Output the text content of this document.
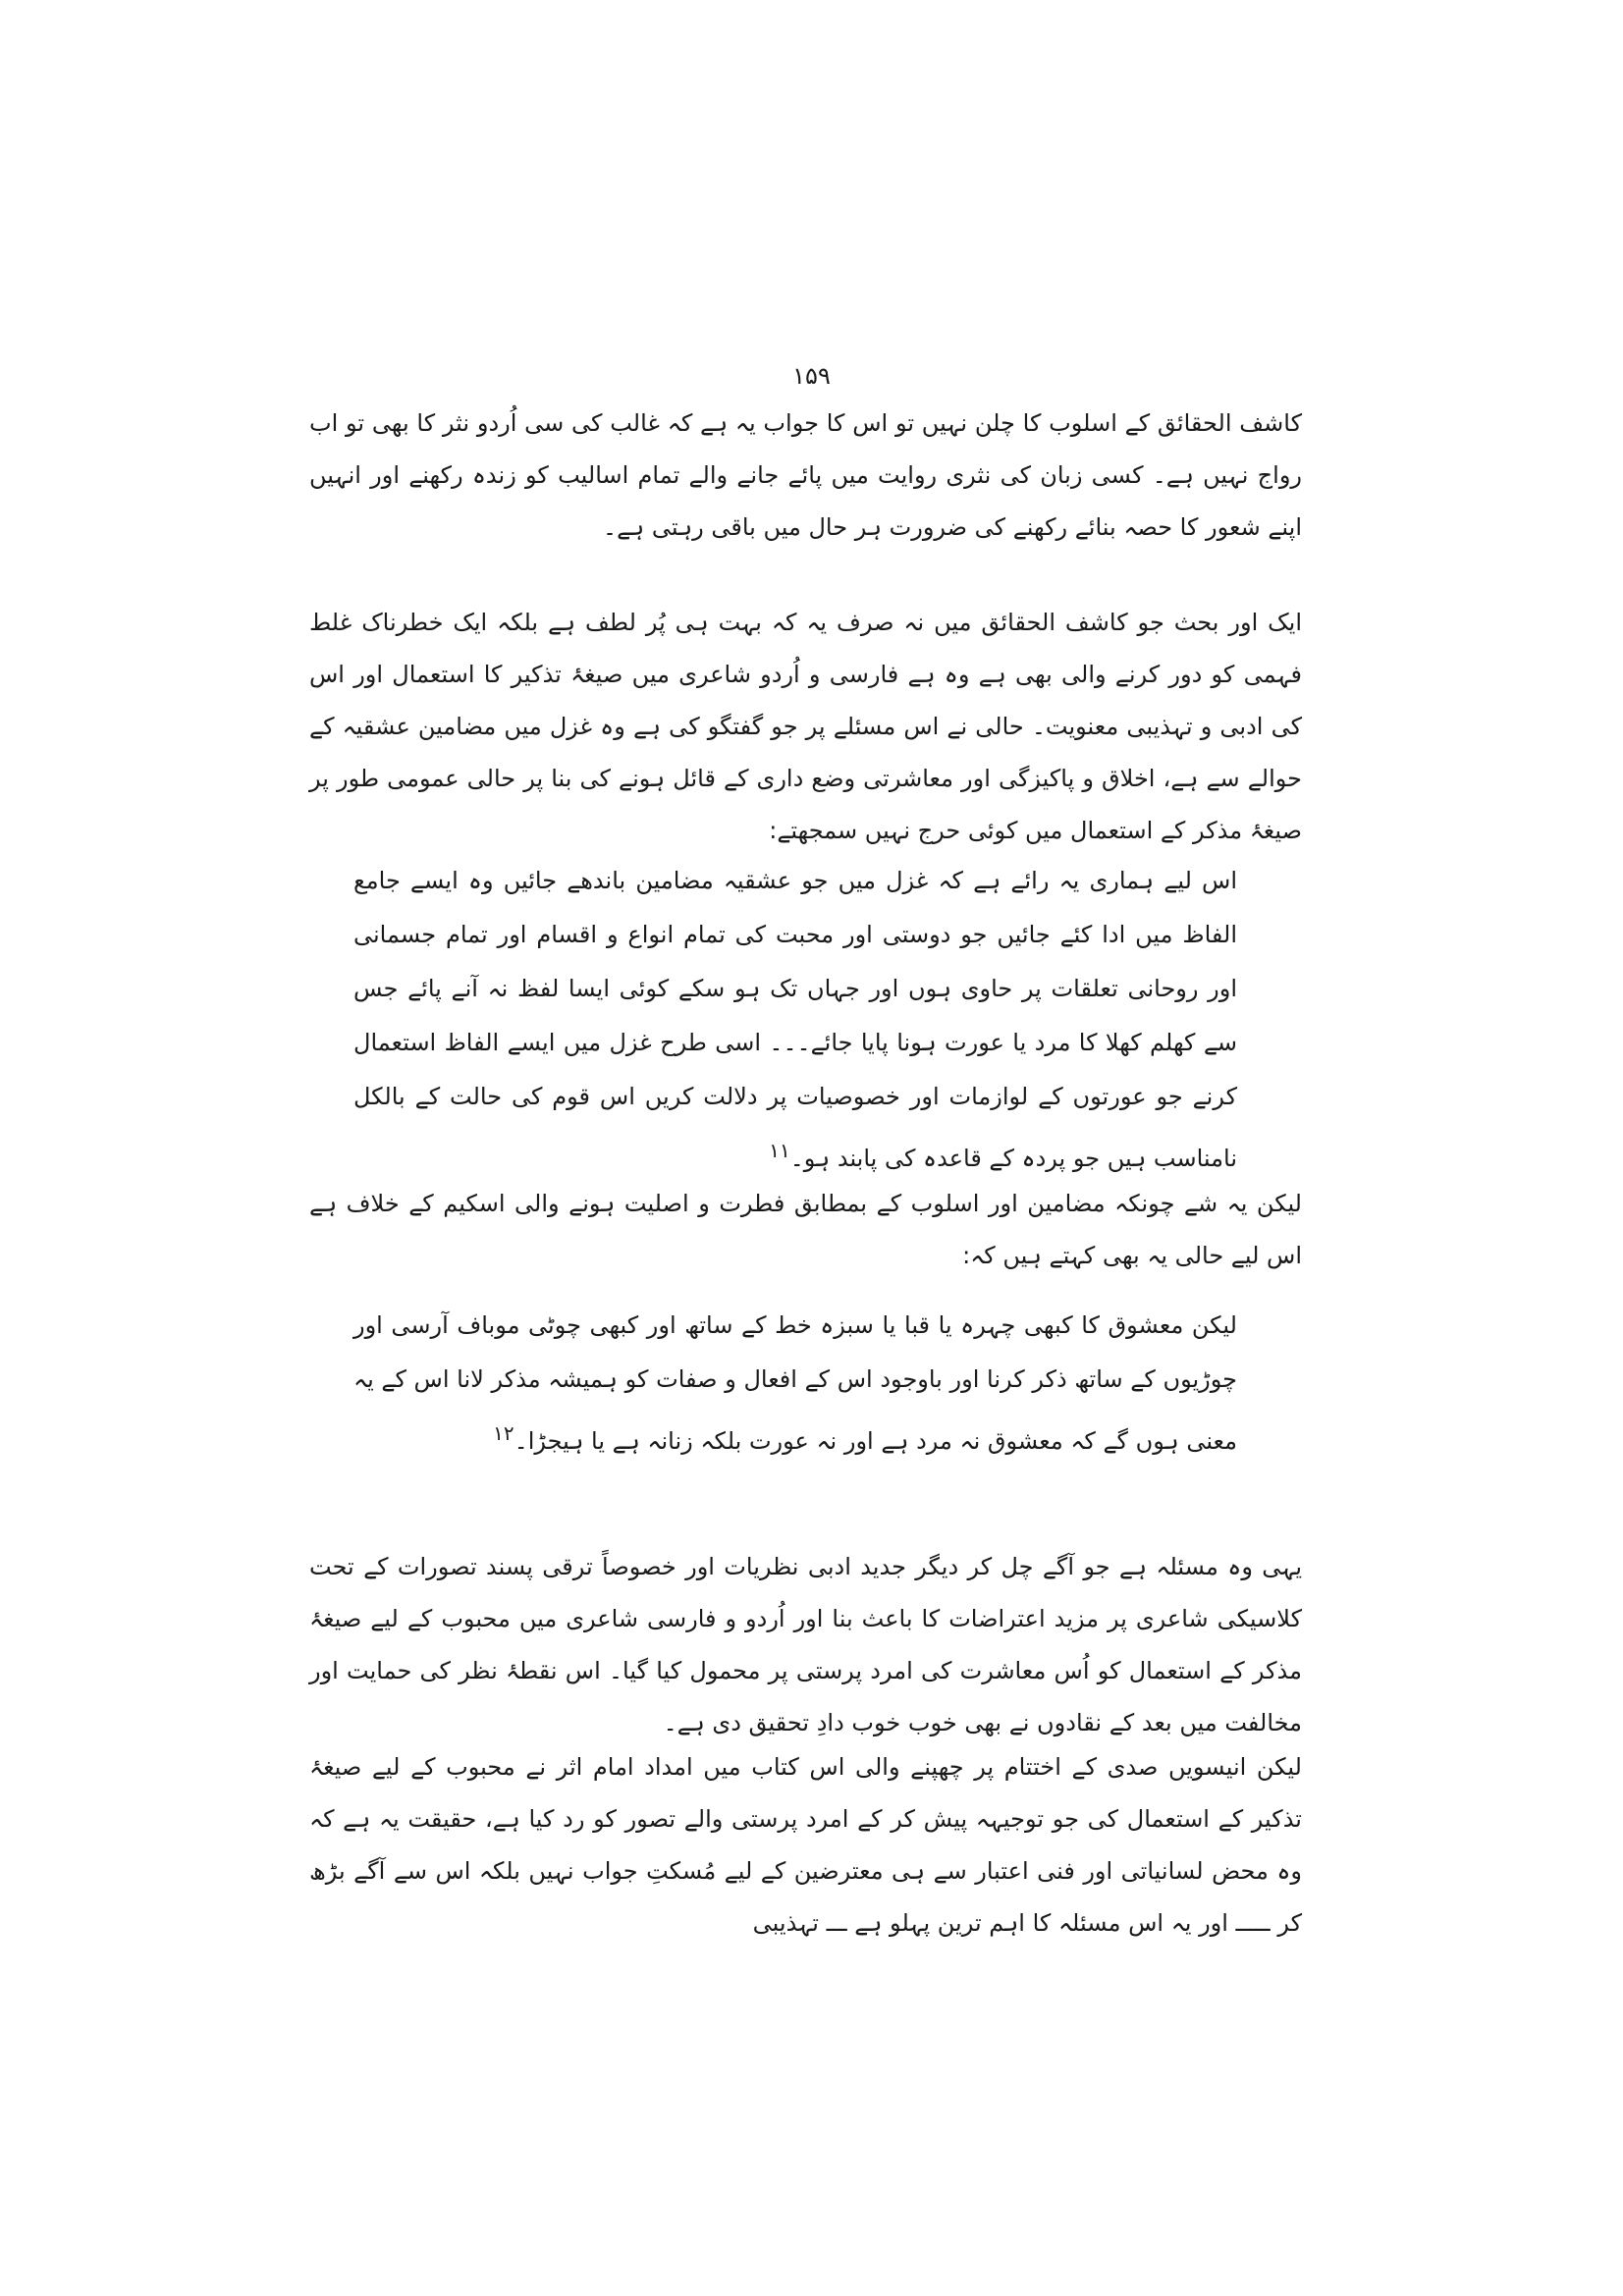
۱۵۹

کاشف الحقائق کے اسلوب کا چلن نہیں تو اس کا جواب یہ ہے کہ غالب کی سی اُردو نثر کا بھی تو اب رواج نہیں ہے۔ کسی زبان کی نثری روایت میں پائے جانے والے تمام اسالیب کو زندہ رکھنے اور انہیں اپنے شعور کا حصہ بنائے رکھنے کی ضرورت ہر حال میں باقی رہتی ہے۔

ایک اور بحث جو کاشف الحقائق میں نہ صرف یہ کہ بہت ہی پُر لطف ہے بلکہ ایک خطرناک غلط فہمی کو دور کرنے والی بھی ہے وہ ہے فارسی و اُردو شاعری میں صیغۂ تذکیر کا استعمال اور اس کی ادبی و تہذیبی معنویت۔ حالی نے اس مسئلے پر جو گفتگو کی ہے وہ غزل میں مضامین عشقیہ کے حوالے سے ہے، اخلاق و پاکیزگی اور معاشرتی وضع داری کے قائل ہونے کی بنا پر حالی عمومی طور پر صیغۂ مذکر کے استعمال میں کوئی حرج نہیں سمجھتے:

اس لیے ہماری یہ رائے ہے کہ غزل میں جو عشقیہ مضامین باندھے جائیں وہ ایسے جامع الفاظ میں ادا کئے جائیں جو دوستی اور محبت کی تمام انواع و اقسام اور تمام جسمانی اور روحانی تعلقات پر حاوی ہوں اور جہاں تک ہو سکے کوئی ایسا لفظ نہ آنے پائے جس سے کھلم کھلا کا مرد یا عورت ہونا پایا جائے۔۔۔ اسی طرح غزل میں ایسے الفاظ استعمال کرنے جو عورتوں کے لوازمات اور خصوصیات پر دلالت کریں اس قوم کی حالت کے بالکل نامناسب ہیں جو پردہ کے قاعدہ کی پابند ہو۔$^{۱۱}$

لیکن یہ شے چونکہ مضامین اور اسلوب کے بمطابق فطرت و اصلیت ہونے والی اسکیم کے خلاف ہے اس لیے حالی یہ بھی کہتے ہیں کہ:

لیکن معشوق کا کبھی چہرہ یا قبا یا سبزہ خط کے ساتھ اور کبھی چوٹی موباف آرسی اور چوڑیوں کے ساتھ ذکر کرنا اور باوجود اس کے افعال و صفات کو ہمیشہ مذکر لانا اس کے یہ معنی ہوں گے کہ معشوق نہ مرد ہے اور نہ عورت بلکہ زنانہ ہے یا ہیجڑا۔$^{۱۲}$

یہی وہ مسئلہ ہے جو آگے چل کر دیگر جدید ادبی نظریات اور خصوصاً ترقی پسند تصورات کے تحت کلاسیکی شاعری پر مزید اعتراضات کا باعث بنا اور اُردو و فارسی شاعری میں محبوب کے لیے صیغۂ مذکر کے استعمال کو اُس معاشرت کی امرد پرستی پر محمول کیا گیا۔ اس نقطۂ نظر کی حمایت اور مخالفت میں بعد کے نقادوں نے بھی خوب خوب دادِ تحقیق دی ہے۔

لیکن انیسویں صدی کے اختتام پر چھپنے والی اس کتاب میں امداد امام اثر نے محبوب کے لیے صیغۂ تذکیر کے استعمال کی جو توجیہہ پیش کر کے امرد پرستی والے تصور کو رد کیا ہے، حقیقت یہ ہے کہ وہ محض لسانیاتی اور فنی اعتبار سے ہی معترضین کے لیے مُسکتِ جواب نہیں بلکہ اس سے آگے بڑھ کر ـــــ اور یہ اس مسئلہ کا اہم ترین پہلو ہے ـــ تہذیبی
